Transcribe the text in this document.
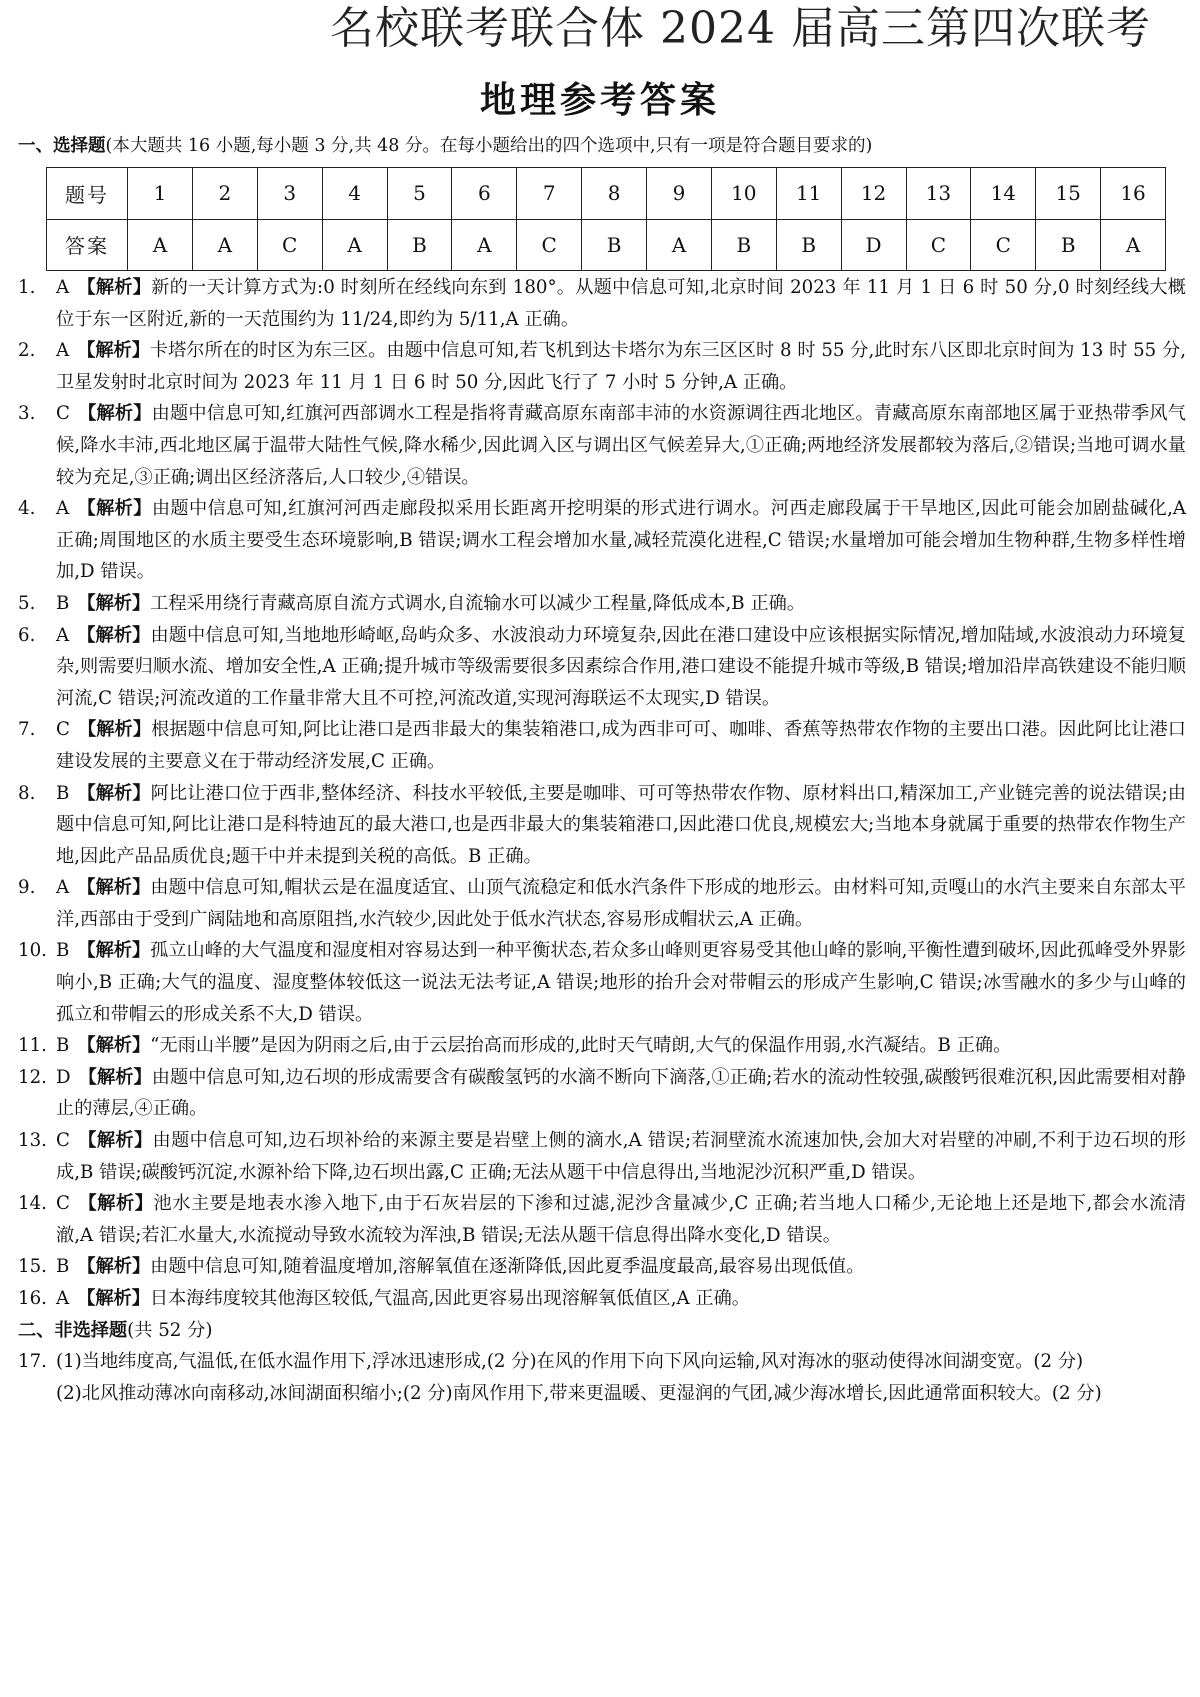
名校联考联合体 2024 届高三第四次联考
地理参考答案
一、选择题(本大题共 16 小题,每小题 3 分,共 48 分。在每小题给出的四个选项中,只有一项是符合题目要求的)
题号	1	2	3	4	5	6	7	8	9	10	11	12	13	14	15	16
答案	A	A	C	A	B	A	C	B	A	B	B	D	C	C	B	A

1. A 【解析】新的一天计算方式为:0 时刻所在经线向东到 180°。从题中信息可知,北京时间 2023 年 11 月 1 日 6 时 50 分,0 时刻经线大概位于东一区附近,新的一天范围约为 11/24,即约为 5/11,A 正确。

2. A 【解析】卡塔尔所在的时区为东三区。由题中信息可知,若飞机到达卡塔尔为东三区区时 8 时 55 分,此时东八区即北京时间为 13 时 55 分,卫星发射时北京时间为 2023 年 11 月 1 日 6 时 50 分,因此飞行了 7 小时 5 分钟,A 正确。

3. C 【解析】由题中信息可知,红旗河西部调水工程是指将青藏高原东南部丰沛的水资源调往西北地区。青藏高原东南部地区属于亚热带季风气候,降水丰沛,西北地区属于温带大陆性气候,降水稀少,因此调入区与调出区气候差异大,①正确;两地经济发展都较为落后,②错误;当地可调水量较为充足,③正确;调出区经济落后,人口较少,④错误。

4. A 【解析】由题中信息可知,红旗河河西走廊段拟采用长距离开挖明渠的形式进行调水。河西走廊段属于干旱地区,因此可能会加剧盐碱化,A 正确;周围地区的水质主要受生态环境影响,B 错误;调水工程会增加水量,减轻荒漠化进程,C 错误;水量增加可能会增加生物种群,生物多样性增加,D 错误。

5. B 【解析】工程采用绕行青藏高原自流方式调水,自流输水可以减少工程量,降低成本,B 正确。

6. A 【解析】由题中信息可知,当地地形崎岖,岛屿众多、水波浪动力环境复杂,因此在港口建设中应该根据实际情况,增加陆域,水波浪动力环境复杂,则需要归顺水流、增加安全性,A 正确;提升城市等级需要很多因素综合作用,港口建设不能提升城市等级,B 错误;增加沿岸高铁建设不能归顺河流,C 错误;河流改道的工作量非常大且不可控,河流改道,实现河海联运不太现实,D 错误。

7. C 【解析】根据题中信息可知,阿比让港口是西非最大的集装箱港口,成为西非可可、咖啡、香蕉等热带农作物的主要出口港。因此阿比让港口建设发展的主要意义在于带动经济发展,C 正确。

8. B 【解析】阿比让港口位于西非,整体经济、科技水平较低,主要是咖啡、可可等热带农作物、原材料出口,精深加工,产业链完善的说法错误;由题中信息可知,阿比让港口是科特迪瓦的最大港口,也是西非最大的集装箱港口,因此港口优良,规模宏大;当地本身就属于重要的热带农作物生产地,因此产品品质优良;题干中并未提到关税的高低。B 正确。

9. A 【解析】由题中信息可知,帽状云是在温度适宜、山顶气流稳定和低水汽条件下形成的地形云。由材料可知,贡嘎山的水汽主要来自东部太平洋,西部由于受到广阔陆地和高原阻挡,水汽较少,因此处于低水汽状态,容易形成帽状云,A 正确。

10. B 【解析】孤立山峰的大气温度和湿度相对容易达到一种平衡状态,若众多山峰则更容易受其他山峰的影响,平衡性遭到破坏,因此孤峰受外界影响小,B 正确;大气的温度、湿度整体较低这一说法无法考证,A 错误;地形的抬升会对带帽云的形成产生影响,C 错误;冰雪融水的多少与山峰的孤立和带帽云的形成关系不大,D 错误。

11. B 【解析】“无雨山半腰”是因为阴雨之后,由于云层抬高而形成的,此时天气晴朗,大气的保温作用弱,水汽凝结。B 正确。

12. D 【解析】由题中信息可知,边石坝的形成需要含有碳酸氢钙的水滴不断向下滴落,①正确;若水的流动性较强,碳酸钙很难沉积,因此需要相对静止的薄层,④正确。

13. C 【解析】由题中信息可知,边石坝补给的来源主要是岩壁上侧的滴水,A 错误;若洞壁流水流速加快,会加大对岩壁的冲刷,不利于边石坝的形成,B 错误;碳酸钙沉淀,水源补给下降,边石坝出露,C 正确;无法从题干中信息得出,当地泥沙沉积严重,D 错误。

14. C 【解析】池水主要是地表水渗入地下,由于石灰岩层的下渗和过滤,泥沙含量减少,C 正确;若当地人口稀少,无论地上还是地下,都会水流清澈,A 错误;若汇水量大,水流搅动导致水流较为浑浊,B 错误;无法从题干信息得出降水变化,D 错误。

15. B 【解析】由题中信息可知,随着温度增加,溶解氧值在逐渐降低,因此夏季温度最高,最容易出现低值。

16. A 【解析】日本海纬度较其他海区较低,气温高,因此更容易出现溶解氧低值区,A 正确。

二、非选择题(共 52 分)

17. (1)当地纬度高,气温低,在低水温作用下,浮冰迅速形成,(2 分)在风的作用下向下风向运输,风对海冰的驱动使得冰间湖变宽。(2 分)

(2)北风推动薄冰向南移动,冰间湖面积缩小;(2 分)南风作用下,带来更温暖、更湿润的气团,减少海冰增长,因此通常面积较大。(2 分)
